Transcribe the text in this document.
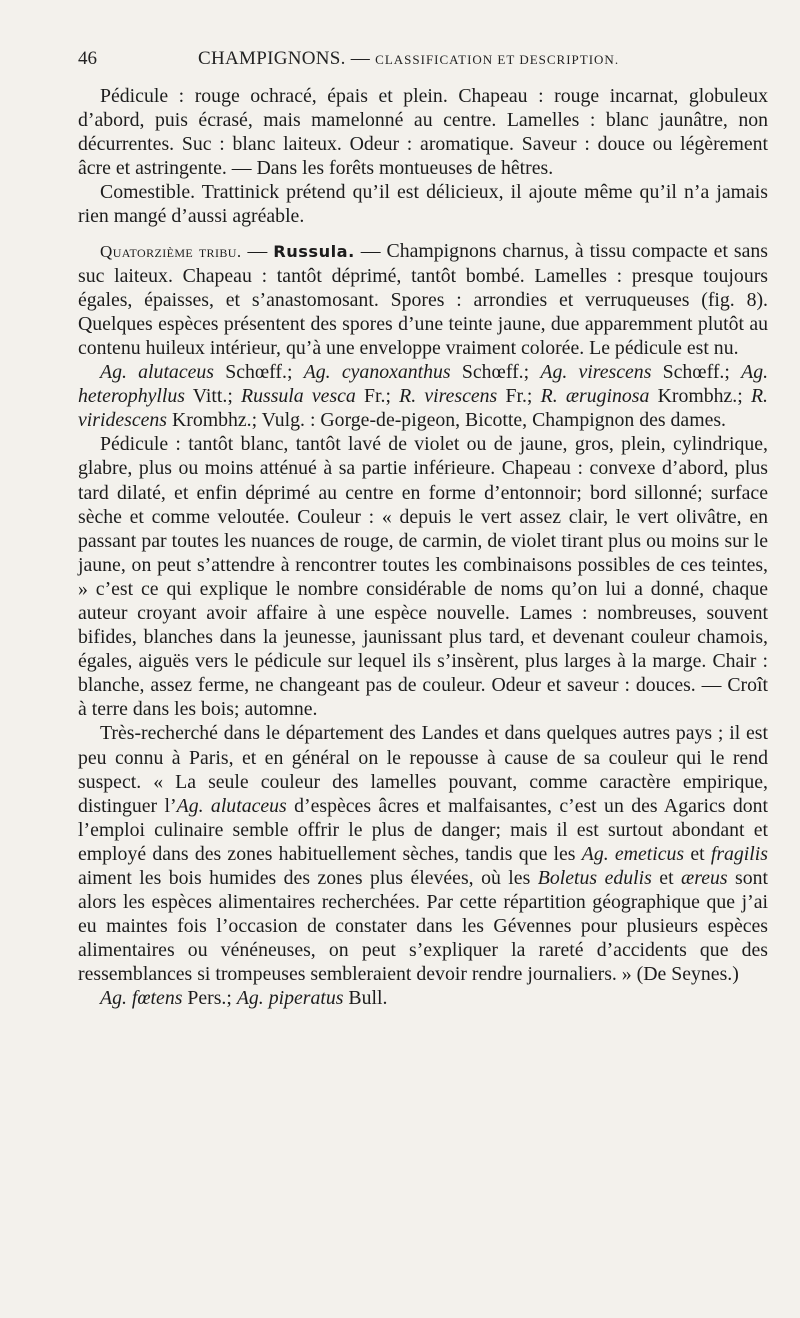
46	CHAMPIGNONS. — CLASSIFICATION ET DESCRIPTION.

Pédicule : rouge ochracé, épais et plein. Chapeau : rouge incarnat, globuleux d’abord, puis écrasé, mais mamelonné au centre. Lamelles : blanc jaunâtre, non décurrentes. Suc : blanc laiteux. Odeur : aromatique. Saveur : douce ou légèrement âcre et astringente. — Dans les forêts montueuses de hêtres.

Comestible. Trattinick prétend qu’il est délicieux, il ajoute même qu’il n’a jamais rien mangé d’aussi agréable.

Quatorzième tribu. — Russula. — Champignons charnus, à tissu compacte et sans suc laiteux. Chapeau : tantôt déprimé, tantôt bombé. Lamelles : presque toujours égales, épaisses, et s’anastomosant. Spores : arrondies et verruqueuses (fig. 8). Quelques espèces présentent des spores d’une teinte jaune, due apparemment plutôt au contenu huileux intérieur, qu’à une enveloppe vraiment colorée. Le pédicule est nu.

Ag. alutaceus Schœff.; Ag. cyanoxanthus Schœff.; Ag. virescens Schœff.; Ag. heterophyllus Vitt.; Russula vesca Fr.; R. virescens Fr.; R. æruginosa Krombhz.; R. viridescens Krombhz.; Vulg. : Gorge-de-pigeon, Bicotte, Champignon des dames.

Pédicule : tantôt blanc, tantôt lavé de violet ou de jaune, gros, plein, cylindrique, glabre, plus ou moins atténué à sa partie inférieure. Chapeau : convexe d’abord, plus tard dilaté, et enfin déprimé au centre en forme d’entonnoir; bord sillonné; surface sèche et comme veloutée. Couleur : « depuis le vert assez clair, le vert olivâtre, en passant par toutes les nuances de rouge, de carmin, de violet tirant plus ou moins sur le jaune, on peut s’attendre à rencontrer toutes les combinaisons possibles de ces teintes, » c’est ce qui explique le nombre considérable de noms qu’on lui a donné, chaque auteur croyant avoir affaire à une espèce nouvelle. Lames : nombreuses, souvent bifides, blanches dans la jeunesse, jaunissant plus tard, et devenant couleur chamois, égales, aiguës vers le pédicule sur lequel ils s’insèrent, plus larges à la marge. Chair : blanche, assez ferme, ne changeant pas de couleur. Odeur et saveur : douces. — Croît à terre dans les bois; automne.

Très-recherché dans le département des Landes et dans quelques autres pays ; il est peu connu à Paris, et en général on le repousse à cause de sa couleur qui le rend suspect. « La seule couleur des lamelles pouvant, comme caractère empirique, distinguer l’Ag. alutaceus d’espèces âcres et malfaisantes, c’est un des Agarics dont l’emploi culinaire semble offrir le plus de danger; mais il est surtout abondant et employé dans des zones habituellement sèches, tandis que les Ag. emeticus et fragilis aiment les bois humides des zones plus élevées, où les Boletus edulis et æreus sont alors les espèces alimentaires recherchées. Par cette répartition géographique que j’ai eu maintes fois l’occasion de constater dans les Gévennes pour plusieurs espèces alimentaires ou vénéneuses, on peut s’expliquer la rareté d’accidents que des ressemblances si trompeuses sembleraient devoir rendre journaliers. » (De Seynes.)

Ag. fœtens Pers.; Ag. piperatus Bull.
